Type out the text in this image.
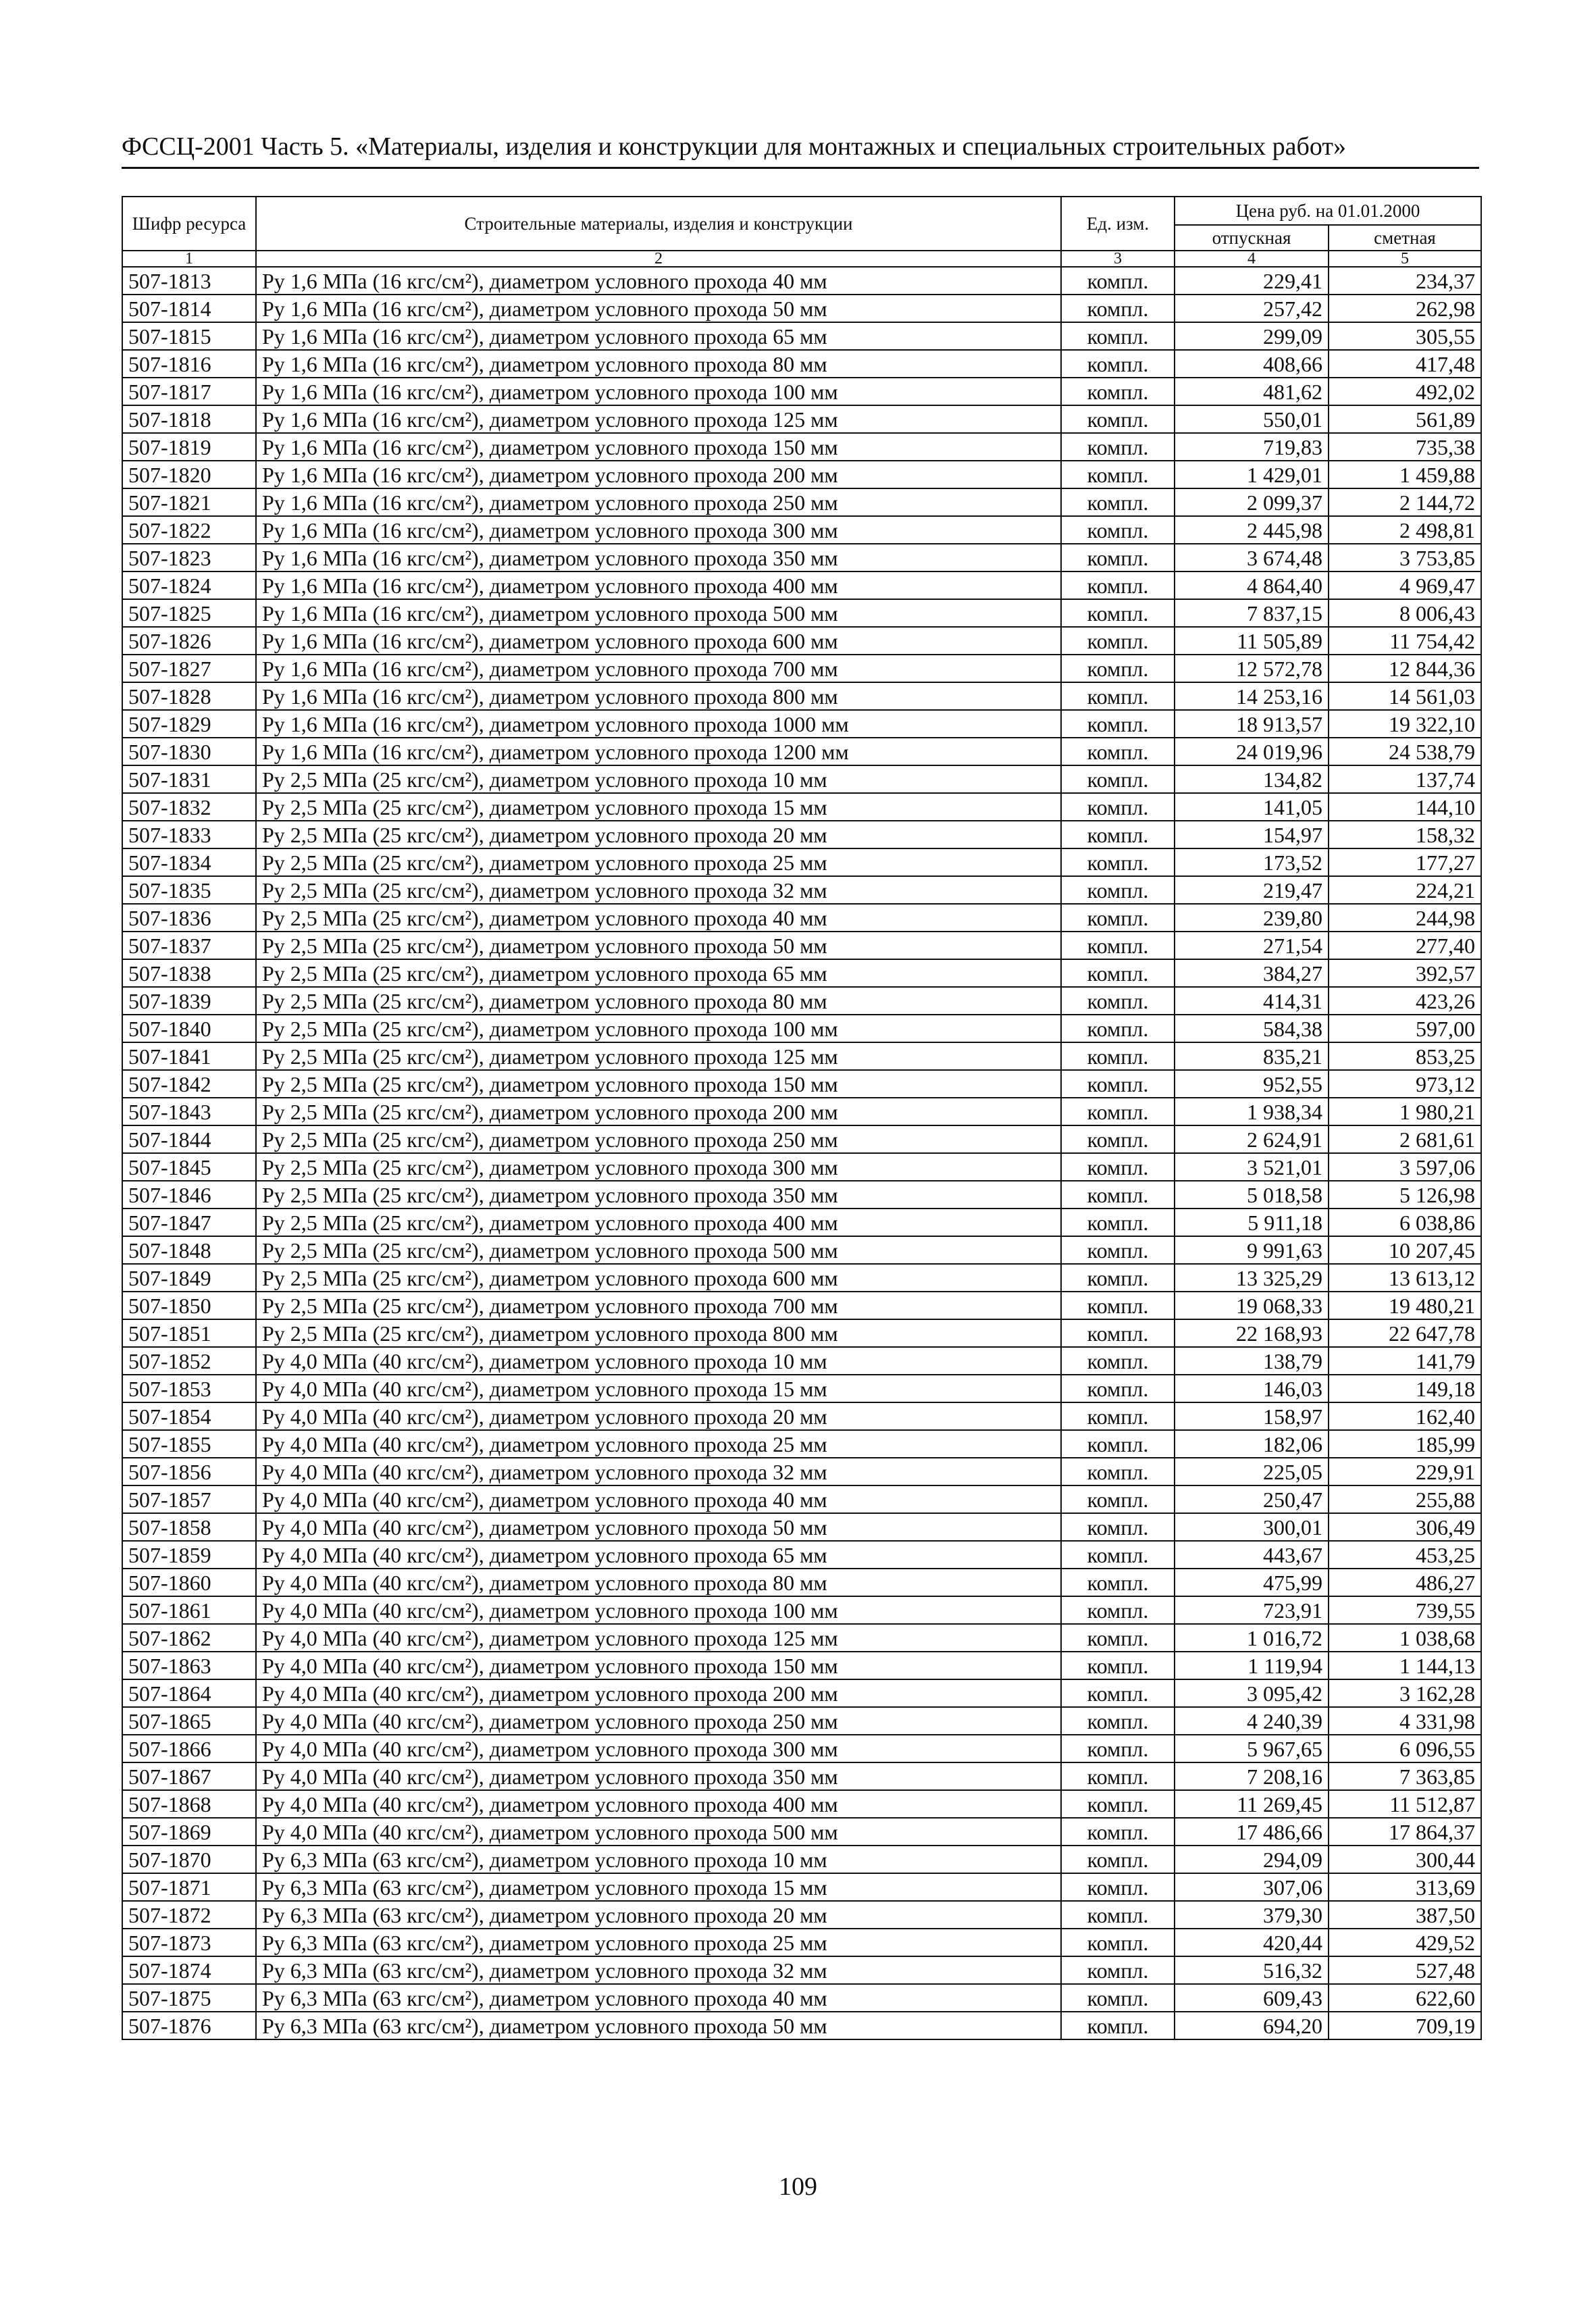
ФССЦ-2001 Часть 5. «Материалы, изделия и конструкции для монтажных и специальных строительных работ»
Шифр ресурса	Строительные материалы, изделия и конструкции	Ед. изм.	Цена руб. на 01.01.2000	
			отпускная	сметная
1	2	3	4	5
507-1813	Ру 1,6 МПа (16 кгс/см²), диаметром условного прохода 40 мм	компл.	229,41	234,37
507-1814	Ру 1,6 МПа (16 кгс/см²), диаметром условного прохода 50 мм	компл.	257,42	262,98
507-1815	Ру 1,6 МПа (16 кгс/см²), диаметром условного прохода 65 мм	компл.	299,09	305,55
507-1816	Ру 1,6 МПа (16 кгс/см²), диаметром условного прохода 80 мм	компл.	408,66	417,48
507-1817	Ру 1,6 МПа (16 кгс/см²), диаметром условного прохода 100 мм	компл.	481,62	492,02
507-1818	Ру 1,6 МПа (16 кгс/см²), диаметром условного прохода 125 мм	компл.	550,01	561,89
507-1819	Ру 1,6 МПа (16 кгс/см²), диаметром условного прохода 150 мм	компл.	719,83	735,38
507-1820	Ру 1,6 МПа (16 кгс/см²), диаметром условного прохода 200 мм	компл.	1 429,01	1 459,88
507-1821	Ру 1,6 МПа (16 кгс/см²), диаметром условного прохода 250 мм	компл.	2 099,37	2 144,72
507-1822	Ру 1,6 МПа (16 кгс/см²), диаметром условного прохода 300 мм	компл.	2 445,98	2 498,81
507-1823	Ру 1,6 МПа (16 кгс/см²), диаметром условного прохода 350 мм	компл.	3 674,48	3 753,85
507-1824	Ру 1,6 МПа (16 кгс/см²), диаметром условного прохода 400 мм	компл.	4 864,40	4 969,47
507-1825	Ру 1,6 МПа (16 кгс/см²), диаметром условного прохода 500 мм	компл.	7 837,15	8 006,43
507-1826	Ру 1,6 МПа (16 кгс/см²), диаметром условного прохода 600 мм	компл.	11 505,89	11 754,42
507-1827	Ру 1,6 МПа (16 кгс/см²), диаметром условного прохода 700 мм	компл.	12 572,78	12 844,36
507-1828	Ру 1,6 МПа (16 кгс/см²), диаметром условного прохода 800 мм	компл.	14 253,16	14 561,03
507-1829	Ру 1,6 МПа (16 кгс/см²), диаметром условного прохода 1000 мм	компл.	18 913,57	19 322,10
507-1830	Ру 1,6 МПа (16 кгс/см²), диаметром условного прохода 1200 мм	компл.	24 019,96	24 538,79
507-1831	Ру 2,5 МПа (25 кгс/см²), диаметром условного прохода 10 мм	компл.	134,82	137,74
507-1832	Ру 2,5 МПа (25 кгс/см²), диаметром условного прохода 15 мм	компл.	141,05	144,10
507-1833	Ру 2,5 МПа (25 кгс/см²), диаметром условного прохода 20 мм	компл.	154,97	158,32
507-1834	Ру 2,5 МПа (25 кгс/см²), диаметром условного прохода 25 мм	компл.	173,52	177,27
507-1835	Ру 2,5 МПа (25 кгс/см²), диаметром условного прохода 32 мм	компл.	219,47	224,21
507-1836	Ру 2,5 МПа (25 кгс/см²), диаметром условного прохода 40 мм	компл.	239,80	244,98
507-1837	Ру 2,5 МПа (25 кгс/см²), диаметром условного прохода 50 мм	компл.	271,54	277,40
507-1838	Ру 2,5 МПа (25 кгс/см²), диаметром условного прохода 65 мм	компл.	384,27	392,57
507-1839	Ру 2,5 МПа (25 кгс/см²), диаметром условного прохода 80 мм	компл.	414,31	423,26
507-1840	Ру 2,5 МПа (25 кгс/см²), диаметром условного прохода 100 мм	компл.	584,38	597,00
507-1841	Ру 2,5 МПа (25 кгс/см²), диаметром условного прохода 125 мм	компл.	835,21	853,25
507-1842	Ру 2,5 МПа (25 кгс/см²), диаметром условного прохода 150 мм	компл.	952,55	973,12
507-1843	Ру 2,5 МПа (25 кгс/см²), диаметром условного прохода 200 мм	компл.	1 938,34	1 980,21
507-1844	Ру 2,5 МПа (25 кгс/см²), диаметром условного прохода 250 мм	компл.	2 624,91	2 681,61
507-1845	Ру 2,5 МПа (25 кгс/см²), диаметром условного прохода 300 мм	компл.	3 521,01	3 597,06
507-1846	Ру 2,5 МПа (25 кгс/см²), диаметром условного прохода 350 мм	компл.	5 018,58	5 126,98
507-1847	Ру 2,5 МПа (25 кгс/см²), диаметром условного прохода 400 мм	компл.	5 911,18	6 038,86
507-1848	Ру 2,5 МПа (25 кгс/см²), диаметром условного прохода 500 мм	компл.	9 991,63	10 207,45
507-1849	Ру 2,5 МПа (25 кгс/см²), диаметром условного прохода 600 мм	компл.	13 325,29	13 613,12
507-1850	Ру 2,5 МПа (25 кгс/см²), диаметром условного прохода 700 мм	компл.	19 068,33	19 480,21
507-1851	Ру 2,5 МПа (25 кгс/см²), диаметром условного прохода 800 мм	компл.	22 168,93	22 647,78
507-1852	Ру 4,0 МПа (40 кгс/см²), диаметром условного прохода 10 мм	компл.	138,79	141,79
507-1853	Ру 4,0 МПа (40 кгс/см²), диаметром условного прохода 15 мм	компл.	146,03	149,18
507-1854	Ру 4,0 МПа (40 кгс/см²), диаметром условного прохода 20 мм	компл.	158,97	162,40
507-1855	Ру 4,0 МПа (40 кгс/см²), диаметром условного прохода 25 мм	компл.	182,06	185,99
507-1856	Ру 4,0 МПа (40 кгс/см²), диаметром условного прохода 32 мм	компл.	225,05	229,91
507-1857	Ру 4,0 МПа (40 кгс/см²), диаметром условного прохода 40 мм	компл.	250,47	255,88
507-1858	Ру 4,0 МПа (40 кгс/см²), диаметром условного прохода 50 мм	компл.	300,01	306,49
507-1859	Ру 4,0 МПа (40 кгс/см²), диаметром условного прохода 65 мм	компл.	443,67	453,25
507-1860	Ру 4,0 МПа (40 кгс/см²), диаметром условного прохода 80 мм	компл.	475,99	486,27
507-1861	Ру 4,0 МПа (40 кгс/см²), диаметром условного прохода 100 мм	компл.	723,91	739,55
507-1862	Ру 4,0 МПа (40 кгс/см²), диаметром условного прохода 125 мм	компл.	1 016,72	1 038,68
507-1863	Ру 4,0 МПа (40 кгс/см²), диаметром условного прохода 150 мм	компл.	1 119,94	1 144,13
507-1864	Ру 4,0 МПа (40 кгс/см²), диаметром условного прохода 200 мм	компл.	3 095,42	3 162,28
507-1865	Ру 4,0 МПа (40 кгс/см²), диаметром условного прохода 250 мм	компл.	4 240,39	4 331,98
507-1866	Ру 4,0 МПа (40 кгс/см²), диаметром условного прохода 300 мм	компл.	5 967,65	6 096,55
507-1867	Ру 4,0 МПа (40 кгс/см²), диаметром условного прохода 350 мм	компл.	7 208,16	7 363,85
507-1868	Ру 4,0 МПа (40 кгс/см²), диаметром условного прохода 400 мм	компл.	11 269,45	11 512,87
507-1869	Ру 4,0 МПа (40 кгс/см²), диаметром условного прохода 500 мм	компл.	17 486,66	17 864,37
507-1870	Ру 6,3 МПа (63 кгс/см²), диаметром условного прохода 10 мм	компл.	294,09	300,44
507-1871	Ру 6,3 МПа (63 кгс/см²), диаметром условного прохода 15 мм	компл.	307,06	313,69
507-1872	Ру 6,3 МПа (63 кгс/см²), диаметром условного прохода 20 мм	компл.	379,30	387,50
507-1873	Ру 6,3 МПа (63 кгс/см²), диаметром условного прохода 25 мм	компл.	420,44	429,52
507-1874	Ру 6,3 МПа (63 кгс/см²), диаметром условного прохода 32 мм	компл.	516,32	527,48
507-1875	Ру 6,3 МПа (63 кгс/см²), диаметром условного прохода 40 мм	компл.	609,43	622,60
507-1876	Ру 6,3 МПа (63 кгс/см²), диаметром условного прохода 50 мм	компл.	694,20	709,19
109
